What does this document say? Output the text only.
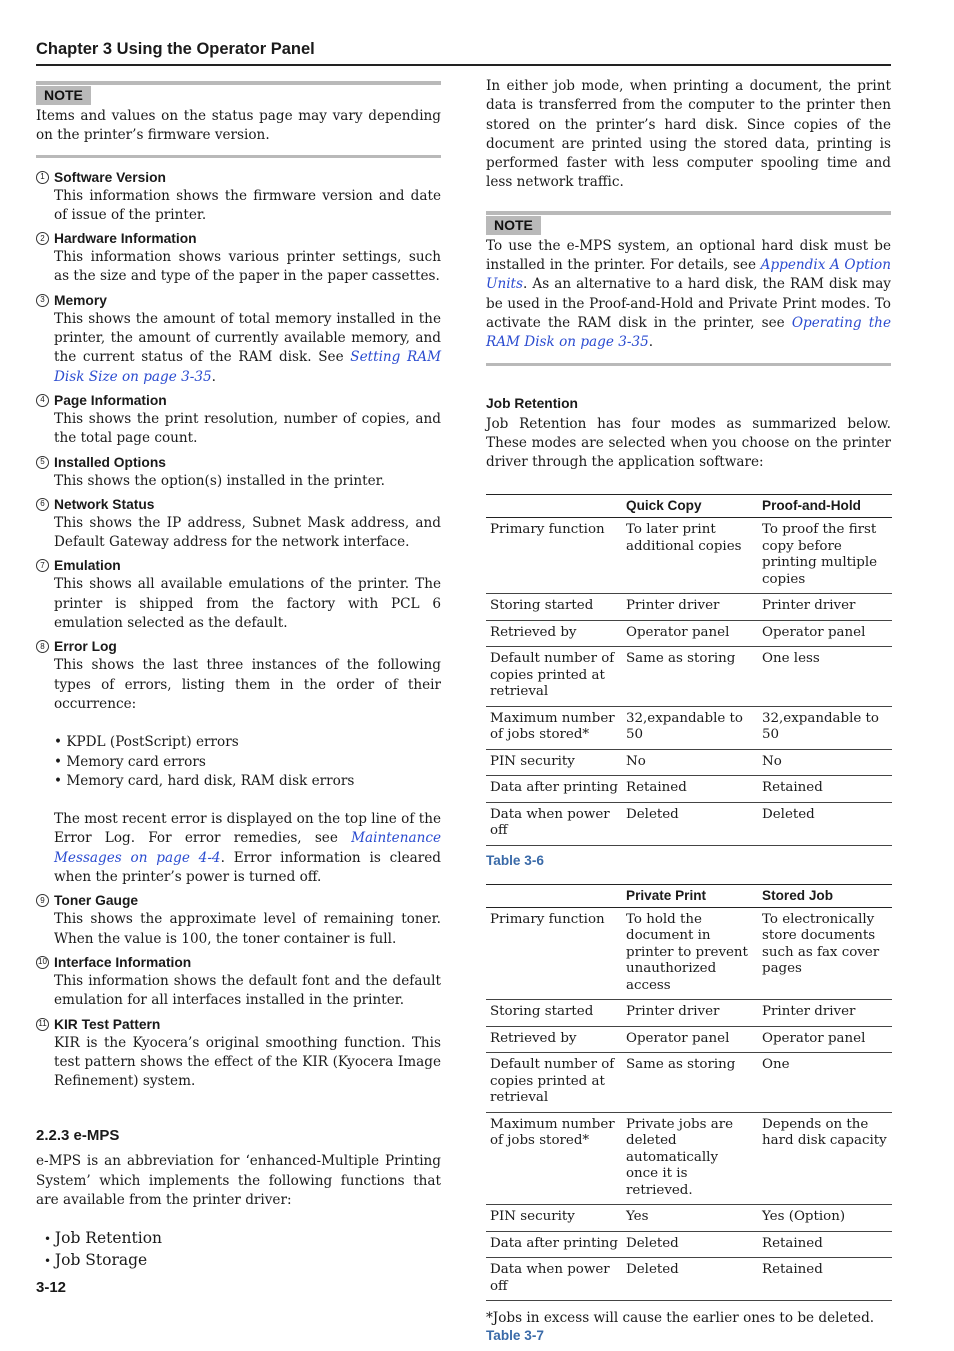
Chapter 3 Using the Operator Panel
NOTE
Items and values on the status page may vary depending on the printer’s firmware version.
1 Software Version

This information shows the firmware version and date of issue of the printer.

2 Hardware Information

This information shows various printer settings, such as the size and type of the paper in the paper cassettes.

3 Memory
This shows the amount of total memory installed in the printer, the amount of currently available memory, and the current status of the RAM disk. See Setting RAM Disk Size on page 3-35.
4 Page Information

This shows the print resolution, number of copies, and the total page count.

5 Installed Options

This shows the option(s) installed in the printer.

6 Network Status

This shows the IP address, Subnet Mask address, and Default Gateway address for the network interface.

7 Emulation

This shows all available emulations of the printer. The printer is shipped from the factory with PCL 6 emulation selected as the default.

8 Error Log

This shows the last three instances of the following types of errors, listing them in the order of their occurrence:

• KPDL (PostScript) errors
• Memory card errors
• Memory card, hard disk, RAM disk errors

The most recent error is displayed on the top line of the Error Log. For error remedies, see Maintenance Messages on page 4-4. Error information is cleared when the printer’s power is turned off.

9 Toner Gauge

This shows the approximate level of remaining toner. When the value is 100, the toner container is full.

10 Interface Information

This information shows the default font and the default emulation for all interfaces installed in the printer.

11 KIR Test Pattern

KIR is the Kyocera’s original smoothing function. This test pattern shows the effect of the KIR (Kyocera Image Refinement) system.

2.2.3 e-MPS

e-MPS is an abbreviation for ‘enhanced-Multiple Printing System’ which implements the following functions that are available from the printer driver:

• Job Retention
• Job Storage

In either job mode, when printing a document, the print data is transferred from the computer to the printer then stored on the printer’s hard disk. Since copies of the document are printed using the stored data, printing is performed faster with less computer spooling time and less network traffic.

NOTE
To use the e-MPS system, an optional hard disk must be installed in the printer. For details, see Appendix A Option Units. As an alternative to a hard disk, the RAM disk may be used in the Proof-and-Hold and Private Print modes. To activate the RAM disk in the printer, see Operating the RAM Disk on page 3-35.
Job Retention

Job Retention has four modes as summarized below. These modes are selected when you choose on the printer driver through the application software:

	Quick Copy	Proof-and-Hold
Primary function	To later print additional copies	To proof the first copy before printing multiple copies
Storing started	Printer driver	Printer driver
Retrieved by	Operator panel	Operator panel
Default number of copies printed at retrieval	Same as storing	One less
Maximum number of jobs stored*	32,expandable to 50	32,expandable to 50
PIN security	No	No
Data after printing	Retained	Retained
Data when power off	Deleted	Deleted
Table 3-6
	Private Print	Stored Job
Primary function	To hold the document in printer to prevent unauthorized access	To electronically store documents such as fax cover pages
Storing started	Printer driver	Printer driver
Retrieved by	Operator panel	Operator panel
Default number of copies printed at retrieval	Same as storing	One
Maximum number of jobs stored*	Private jobs are deleted automatically once it is retrieved.	Depends on the hard disk capacity
PIN security	Yes	Yes (Option)
Data after printing	Deleted	Retained
Data when power off	Deleted	Retained
*Jobs in excess will cause the earlier ones to be deleted.
Table 3-7
3-12
